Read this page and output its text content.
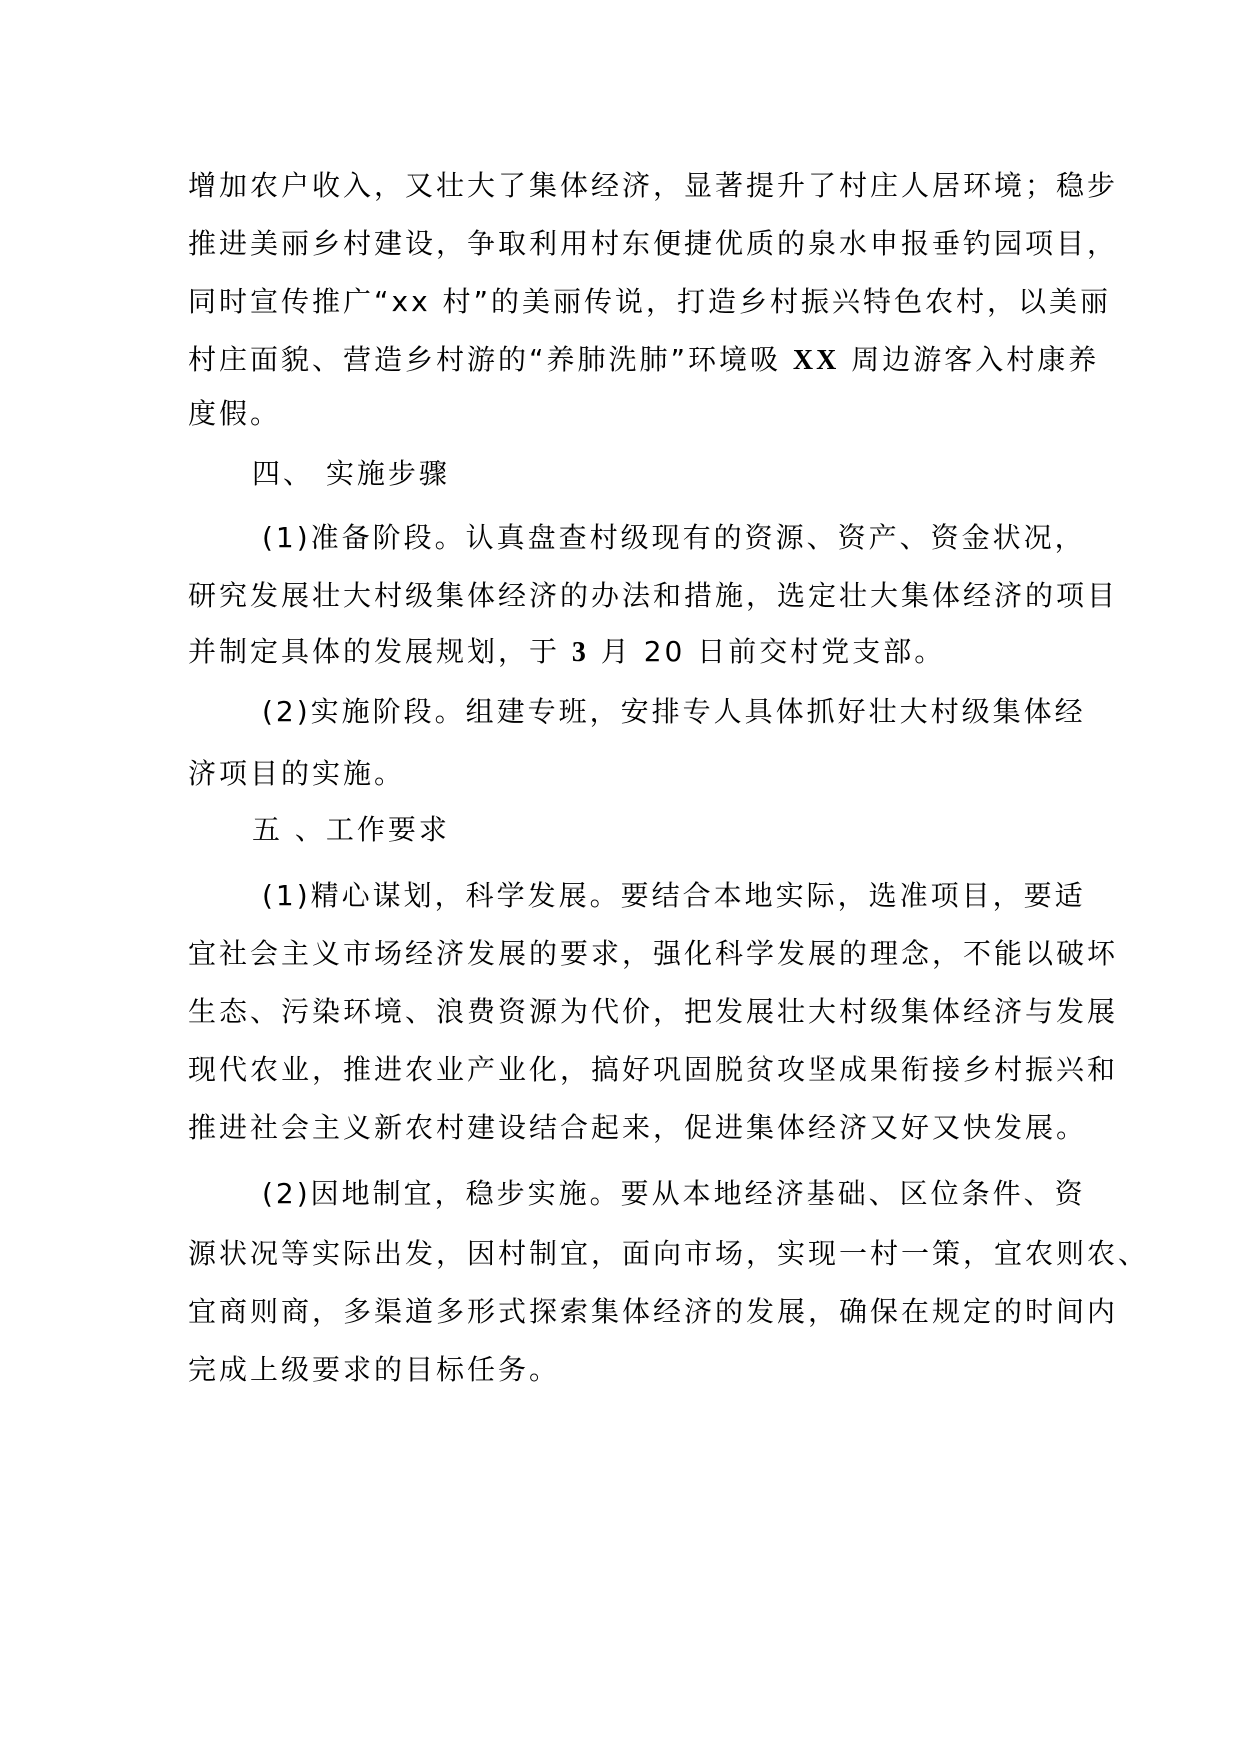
增加农户收入，又壮大了集体经济，显著提升了村庄人居环境；稳步
推进美丽乡村建设，争取利用村东便捷优质的泉水申报垂钓园项目，
同时宣传推广“xx 村”的美丽传说，打造乡村振兴特色农村，以美丽
村庄面貌、营造乡村游的“养肺洗肺”环境吸 XX 周边游客入村康养
度假。
四、 实施步骤
(1)准备阶段。认真盘查村级现有的资源、资产、资金状况，
研究发展壮大村级集体经济的办法和措施，选定壮大集体经济的项目
并制定具体的发展规划，于 3 月 20 日前交村党支部。
(2)实施阶段。组建专班，安排专人具体抓好壮大村级集体经
济项目的实施。
五 、工作要求
(1)精心谋划，科学发展。要结合本地实际，选准项目，要适
宜社会主义市场经济发展的要求，强化科学发展的理念，不能以破坏
生态、污染环境、浪费资源为代价，把发展壮大村级集体经济与发展
现代农业，推进农业产业化，搞好巩固脱贫攻坚成果衔接乡村振兴和
推进社会主义新农村建设结合起来，促进集体经济又好又快发展。
(2)因地制宜，稳步实施。要从本地经济基础、区位条件、资
源状况等实际出发，因村制宜，面向市场，实现一村一策，宜农则农、
宜商则商，多渠道多形式探索集体经济的发展，确保在规定的时间内
完成上级要求的目标任务。
